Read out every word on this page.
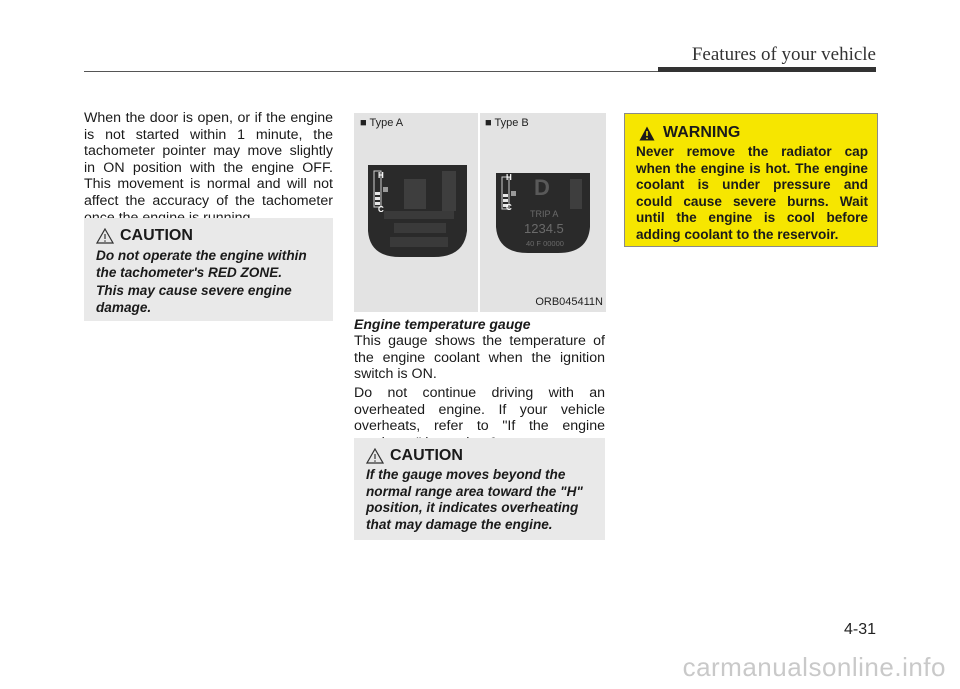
Features of your vehicle
When the door is open, or if the engine is not started within 1 minute, the tachometer pointer may move slightly in ON position with the engine OFF. This movement is normal and will not affect the accuracy of the tachometer
CAUTION
Do not operate the engine within the tachometer's RED ZONE.
This may cause severe engine damage.
■ Type A	■ Type B
H
C
H
C
D
TRIP A
1234.5
40 F 00000
ORB045411N
Engine temperature gauge
This gauge shows the temperature of the engine coolant when the ignition switch is ON.
Do not continue driving with an overheated engine. If your vehicle overheats, refer to "If the engine
CAUTION
If the gauge moves beyond the normal range area toward the "H" position, it indicates overheating that may damage the engine.
WARNING
Never remove the radiator cap when the engine is hot. The engine coolant is under pressure and could cause severe burns. Wait until the engine is cool before adding coolant to the reservoir.
4-31
carmanualsonline.info
